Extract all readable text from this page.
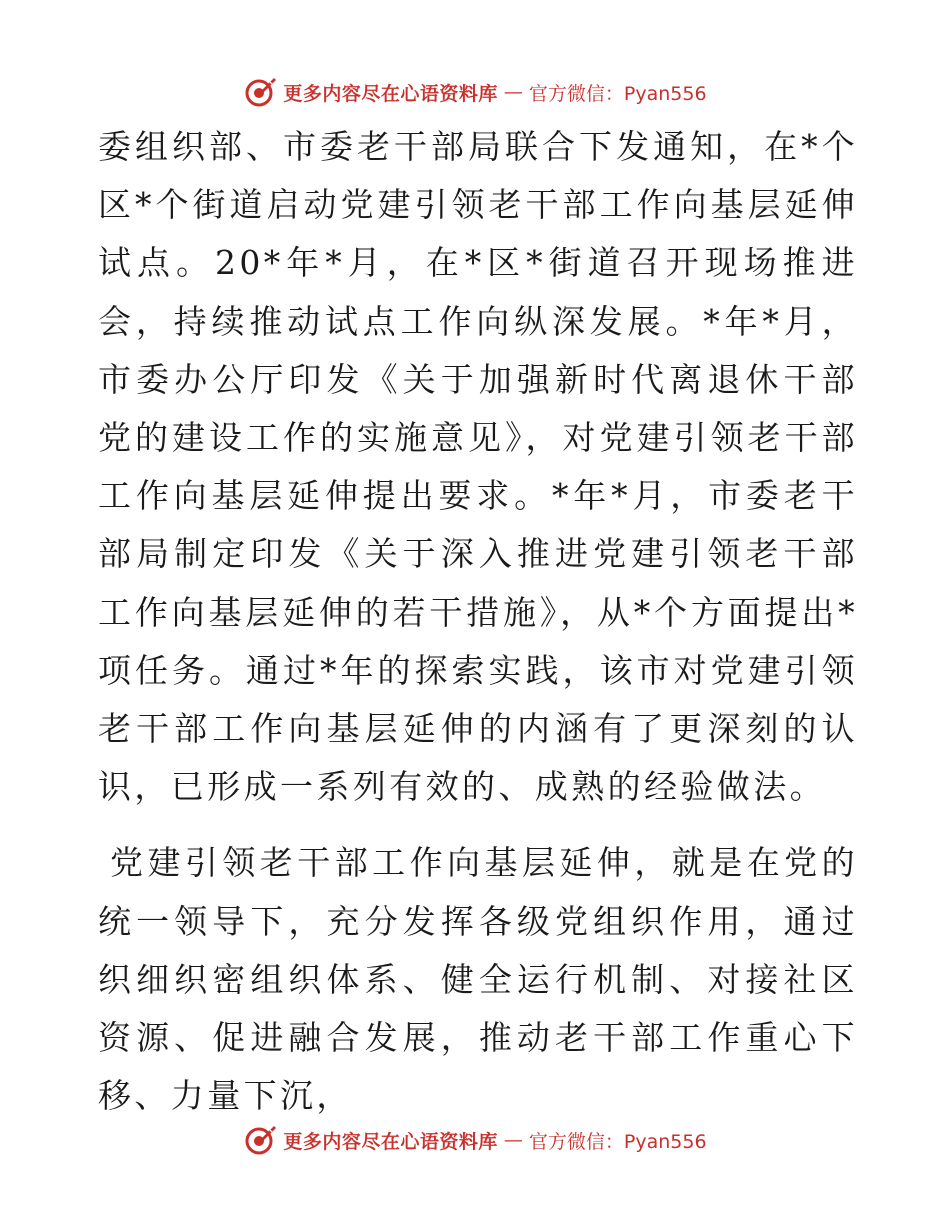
更多内容尽在心语资料库 — 官方微信：Pyan556

委组织部、市委老干部局联合下发通知，在*个区*个街道启动党建引领老干部工作向基层延伸试点。20*年*月，在*区*街道召开现场推进会，持续推动试点工作向纵深发展。*年*月，市委办公厅印发《关于加强新时代离退休干部党的建设工作的实施意见》，对党建引领老干部工作向基层延伸提出要求。*年*月，市委老干部局制定印发《关于深入推进党建引领老干部工作向基层延伸的若干措施》，从*个方面提出*项任务。通过*年的探索实践，该市对党建引领老干部工作向基层延伸的内涵有了更深刻的认识，已形成一系列有效的、成熟的经验做法。

党建引领老干部工作向基层延伸，就是在党的统一领导下，充分发挥各级党组织作用，通过织细织密组织体系、健全运行机制、对接社区资源、促进融合发展，推动老干部工作重心下移、力量下沉，

更多内容尽在心语资料库 — 官方微信：Pyan556
